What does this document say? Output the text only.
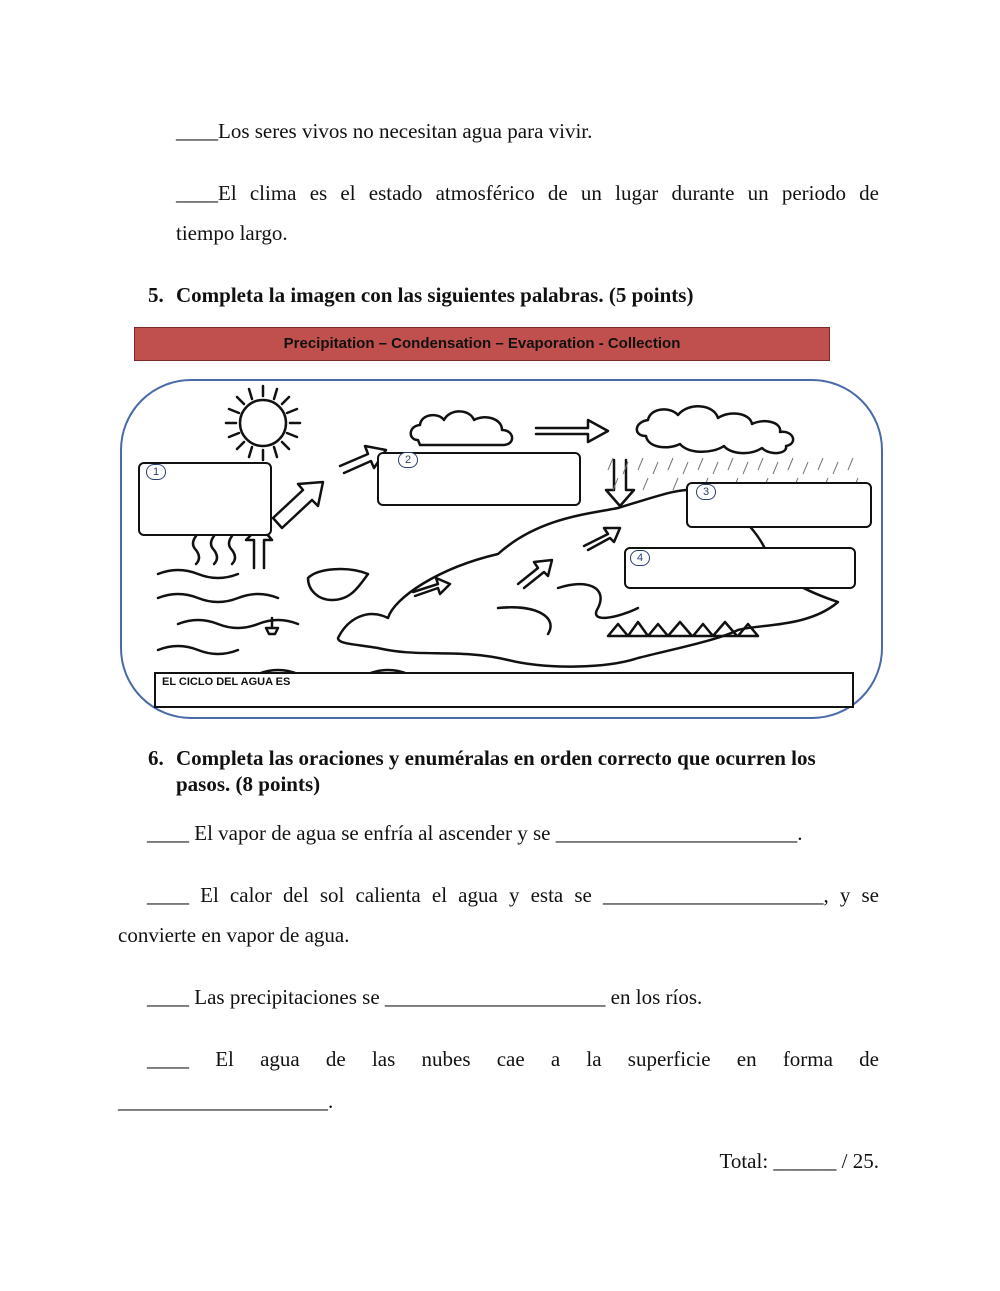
____Los seres vivos no necesitan agua para vivir.
____El clima es el estado atmosférico de un lugar durante un periodo de
tiempo largo.
5. Completa la imagen con las siguientes palabras. (5 points)
Precipitation – Condensation – Evaporation - Collection
1
2
3
4
EL CICLO DEL AGUA ES
6. Completa las oraciones y enuméralas en orden correcto que ocurren los
pasos. (8 points)
____ El vapor de agua se enfría al ascender y se _______________________.
____ El calor del sol calienta el agua y esta se _____________________, y se
convierte en vapor de agua.
____ Las precipitaciones se _____________________ en los ríos.
____ El agua de las nubes cae a la superficie en forma de
____________________.
Total: ______ / 25.
